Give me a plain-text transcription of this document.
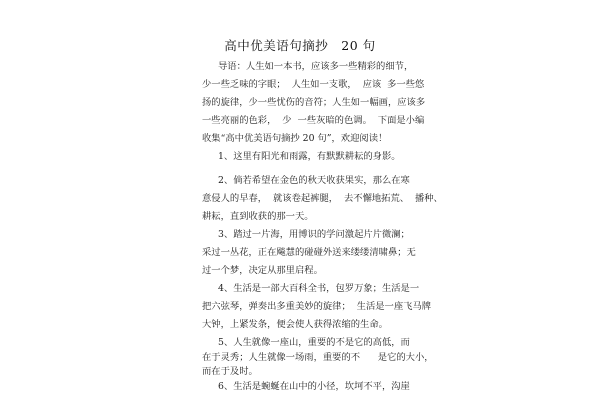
高中优美语句摘抄　20 句
导语：人生如一本书，应该多一些精彩的细节，
少一些乏味的字眼；  人生如一支歌，  应该  多一些悠
扬的旋律，少一些忧伤的音符；人生如一幅画，应该多
一些亮丽的色彩，  少  一些灰暗的色调。  下面是小编
收集“高中优美语句摘抄 20 句”，欢迎阅读！
1、这里有阳光和雨露，有默默耕耘的身影。
2、倘若希望在金色的秋天收获果实，那么在寒
意侵人的早春，  就该卷起裤腿，  去不懈地拓荒、  播种、
耕耘，直到收获的那一天。
3、踏过一片海，用博识的学问激起片片微澜；
采过一丛花，正在飚慧的碰碰外送来缕缕清啸鼻；无
过一个梦，决定从那里启程。
4、生活是一部大百科全书，包罗万象；生活是一
把六弦琴，弹奏出多重美妙的旋律；  生活是一座飞马牌
大钟，上紧发条，便会使人获得浓缩的生命。
5、人生就像一座山，重要的不是它的高低，而
在于灵秀；人生就像一场雨，重要的不      是它的大小，
而在于及时。
6、生活是蜿蜒在山中的小径，坎坷不平，沟崖
